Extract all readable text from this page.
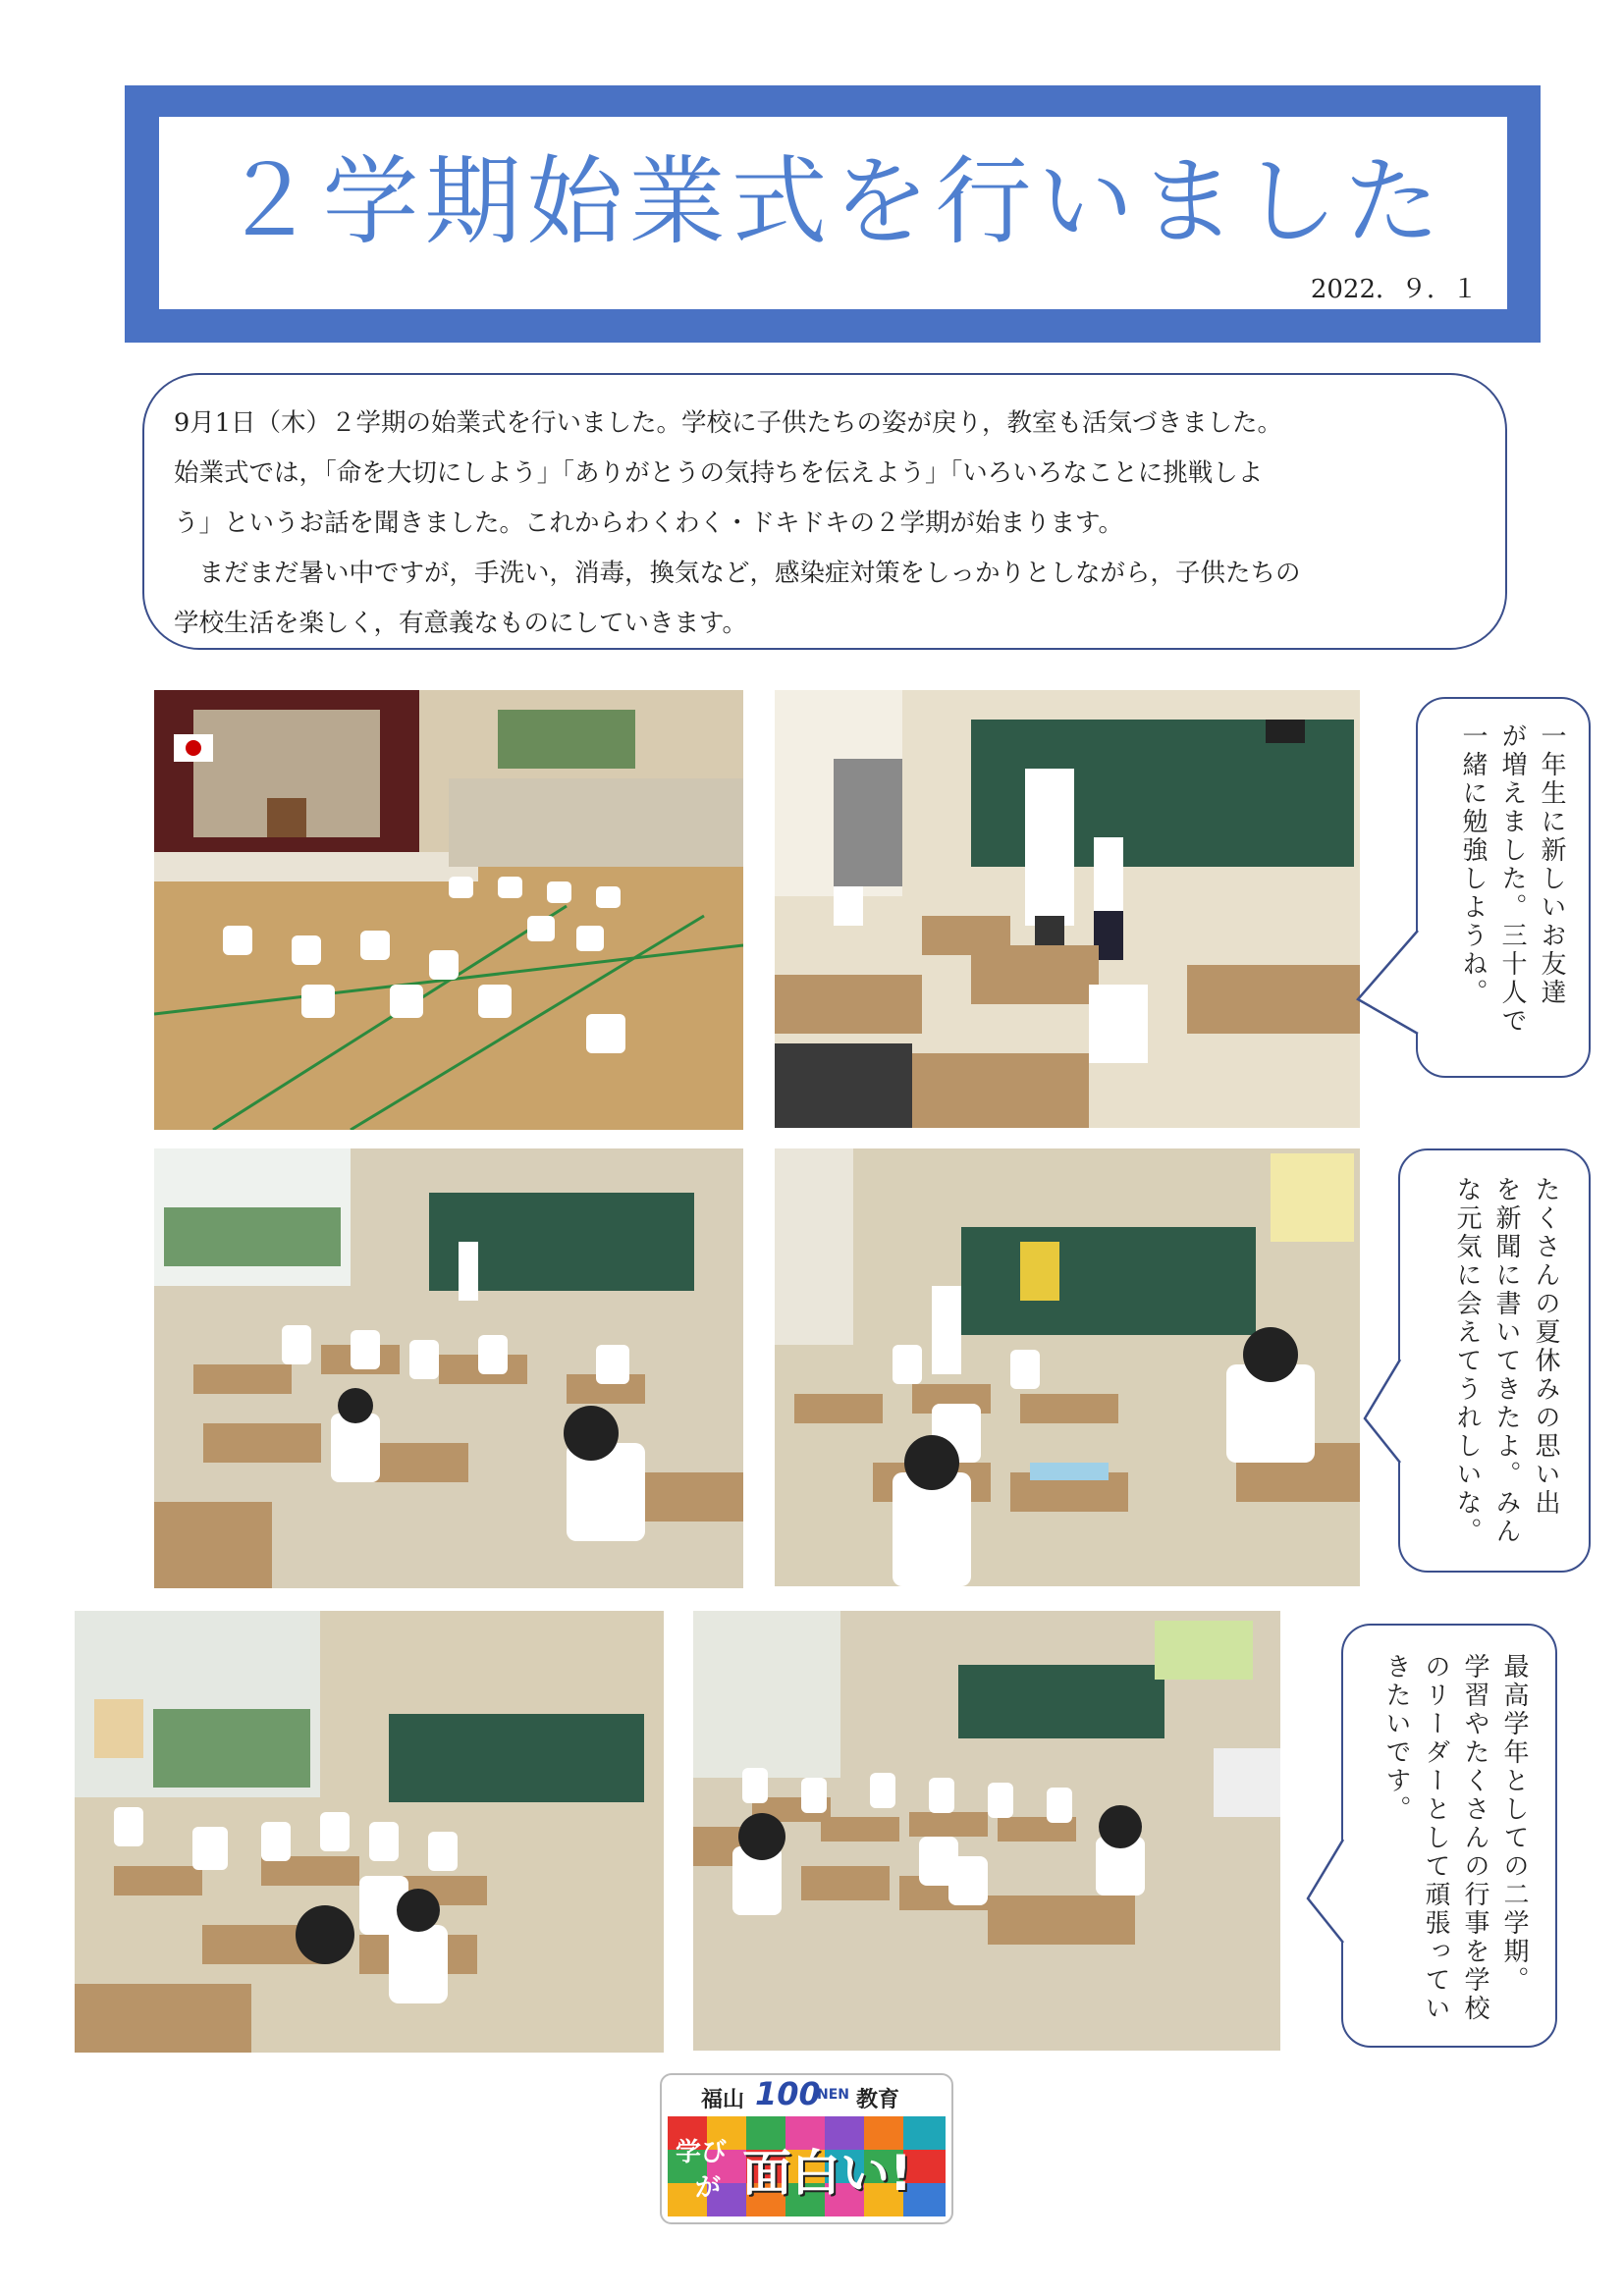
２学期始業式を行いました
2022．９．１
9月1日（木）２学期の始業式を行いました。学校に子供たちの姿が戻り，教室も活気づきました。
始業式では，「命を大切にしよう」「ありがとうの気持ちを伝えよう」「いろいろなことに挑戦しよ
う」というお話を聞きました。これからわくわく・ドキドキの２学期が始まります。
　まだまだ暑い中ですが，手洗い，消毒，換気など，感染症対策をしっかりとしながら，子供たちの
学校生活を楽しく，有意義なものにしていきます。
一年生に新しいお友達
が増えました。三十人で
一緒に勉強しようね。
たくさんの夏休みの思い出
を新聞に書いてきたよ。みん
な元気に会えてうれしいな。
最高学年としての二学期。
学習やたくさんの行事を学校
のリーダーとして頑張ってい
きたいです。
福山 100
NEN 教育
学び
が 面白い!
